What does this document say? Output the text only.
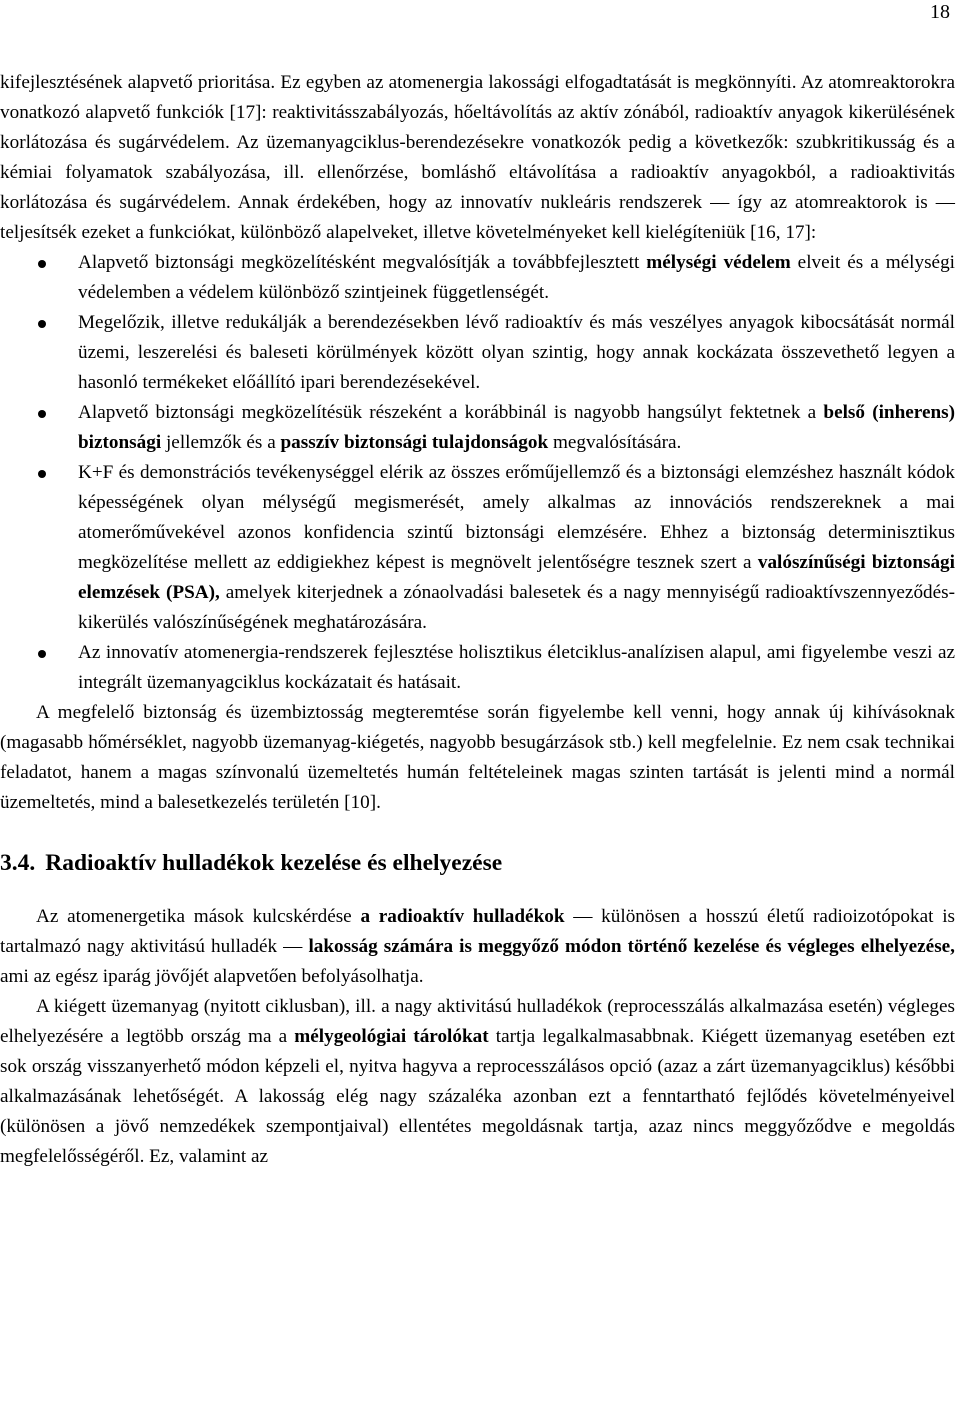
18

kifejlesztésének alapvető prioritása. Ez egyben az atomenergia lakossági elfogadtatását is megkönnyíti. Az atomreaktorokra vonatkozó alapvető funkciók [17]: reaktivitásszabályozás, hőeltávolítás az aktív zónából, radioaktív anyagok kikerülésének korlátozása és sugárvédelem. Az üzemanyagciklus-berendezésekre vonatkozók pedig a következők: szubkritikusság és a kémiai folyamatok szabályozása, ill. ellenőrzése, bomláshő eltávolítása a radioaktív anyagokból, a radioaktivitás korlátozása és sugárvédelem. Annak érdekében, hogy az innovatív nukleáris rendszerek — így az atomreaktorok is — teljesítsék ezeket a funkciókat, különböző alapelveket, illetve követelményeket kell kielégíteniük [16, 17]:

Alapvető biztonsági megközelítésként megvalósítják a továbbfejlesztett mélységi védelem elveit és a mélységi védelemben a védelem különböző szintjeinek függetlenségét.
Megelőzik, illetve redukálják a berendezésekben lévő radioaktív és más veszélyes anyagok kibocsátását normál üzemi, leszerelési és baleseti körülmények között olyan szintig, hogy annak kockázata összevethető legyen a hasonló termékeket előállító ipari berendezésekével.
Alapvető biztonsági megközelítésük részeként a korábbinál is nagyobb hangsúlyt fektetnek a belső (inherens) biztonsági jellemzők és a passzív biztonsági tulajdonságok megvalósítására.
K+F és demonstrációs tevékenységgel elérik az összes erőműjellemző és a biztonsági elemzéshez használt kódok képességének olyan mélységű megismerését, amely alkalmas az innovációs rendszereknek a mai atomerőművekével azonos konfidencia szintű biztonsági elemzésére. Ehhez a biztonság determinisztikus megközelítése mellett az eddigiekhez képest is megnövelt jelentőségre tesznek szert a valószínűségi biztonsági elemzések (PSA), amelyek kiterjednek a zónaolvadási balesetek és a nagy mennyiségű radioaktívszennyeződés-kikerülés valószínűségének meghatározására.
Az innovatív atomenergia-rendszerek fejlesztése holisztikus életciklus-analízisen alapul, ami figyelembe veszi az integrált üzemanyagciklus kockázatait és hatásait.

A megfelelő biztonság és üzembiztosság megteremtése során figyelembe kell venni, hogy annak új kihívásoknak (magasabb hőmérséklet, nagyobb üzemanyag-kiégetés, nagyobb besugárzások stb.) kell megfelelnie. Ez nem csak technikai feladatot, hanem a magas színvonalú üzemeltetés humán feltételeinek magas szinten tartását is jelenti mind a normál üzemeltetés, mind a balesetkezelés területén [10].

3.4. Radioaktív hulladékok kezelése és elhelyezése

Az atomenergetika mások kulcskérdése a radioaktív hulladékok — különösen a hosszú életű radioizotópokat is tartalmazó nagy aktivitású hulladék — lakosság számára is meggyőző módon történő kezelése és végleges elhelyezése, ami az egész iparág jövőjét alapvetően befolyásolhatja.

A kiégett üzemanyag (nyitott ciklusban), ill. a nagy aktivitású hulladékok (reprocesszálás alkalmazása esetén) végleges elhelyezésére a legtöbb ország ma a mélygeológiai tárolókat tartja legalkalmasabbnak. Kiégett üzemanyag esetében ezt sok ország visszanyerhető módon képzeli el, nyitva hagyva a reprocesszálásos opció (azaz a zárt üzemanyagciklus) későbbi alkalmazásának lehetőségét. A lakosság elég nagy százaléka azonban ezt a fenntartható fejlődés követelményeivel (különösen a jövő nemzedékek szempontjaival) ellentétes megoldásnak tartja, azaz nincs meggyőződve e megoldás megfelelősségéről. Ez, valamint az
